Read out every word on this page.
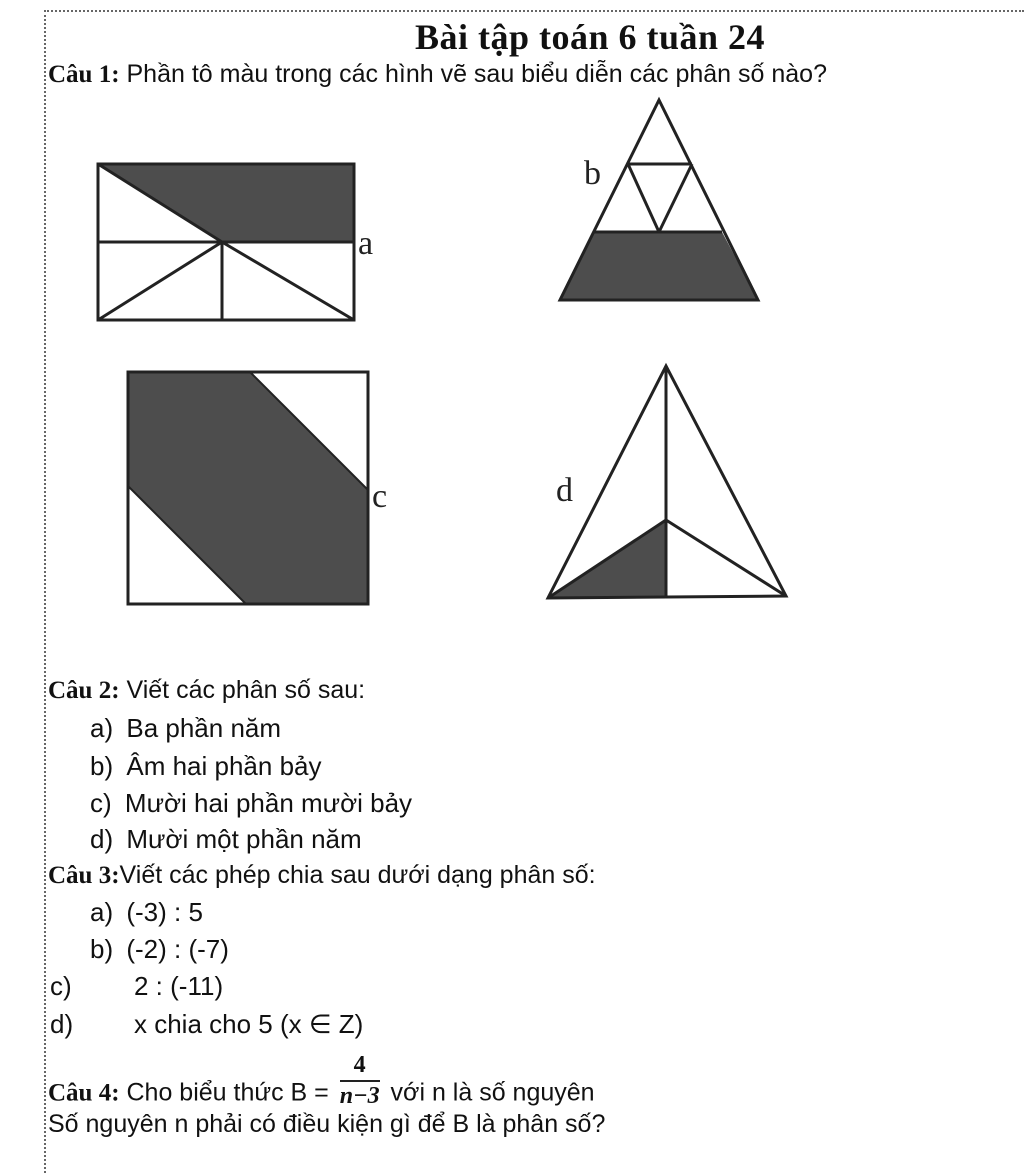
Bài tập toán 6 tuần 24
Câu 1: Phần tô màu trong các hình vẽ sau biểu diễn các phân số nào?
a
b
c	d
Câu 2: Viết các phân số sau:
a) Ba phần năm
b) Âm hai phần bảy
c) Mười hai phần mười bảy
d) Mười một phần năm
Câu 3:Viết các phép chia sau dưới dạng phân số:
a) (-3) : 5
b) (-2) : (-7)
c) 2 : (-11)
d) x chia cho 5 (x ∈ Z)
Câu 4: Cho biểu thức $B = \frac{4}{n-3}$ với n là số nguyên
Số nguyên n phải có điều kiện gì để B là phân số?
